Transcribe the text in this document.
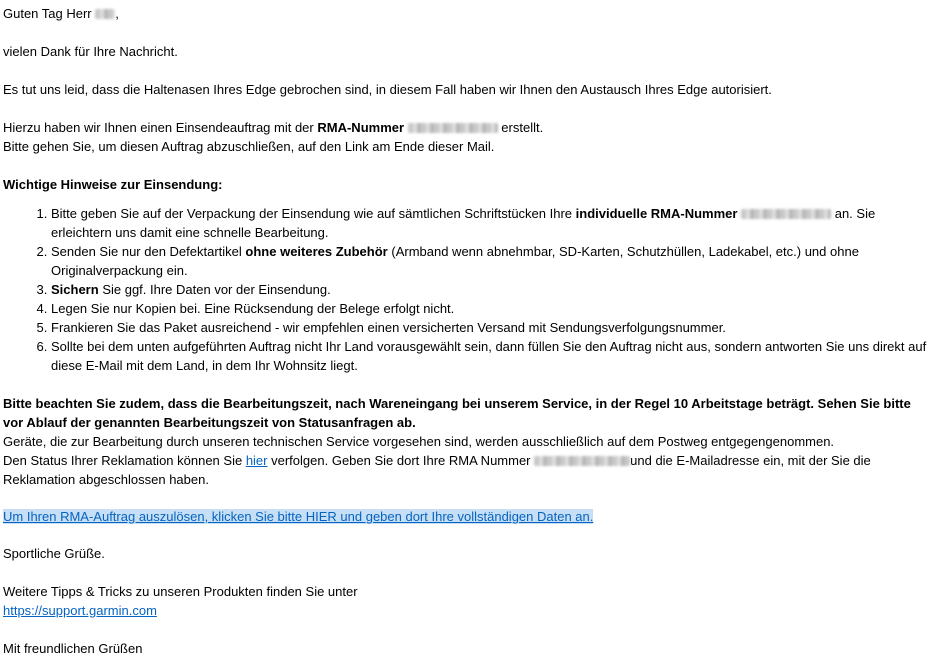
Guten Tag Herr ,

vielen Dank für Ihre Nachricht.

Es tut uns leid, dass die Haltenasen Ihres Edge gebrochen sind, in diesem Fall haben wir Ihnen den Austausch Ihres Edge autorisiert.

Hierzu haben wir Ihnen einen Einsendeauftrag mit der RMA-Nummer	erstellt.

Bitte gehen Sie, um diesen Auftrag abzuschließen, auf den Link am Ende dieser Mail.

Wichtige Hinweise zur Einsendung:

1. Bitte geben Sie auf der Verpackung der Einsendung wie auf sämtlichen Schriftstücken Ihre individuelle RMA-Nummer	an. Sie erleichtern uns damit eine schnelle Bearbeitung.
2. Senden Sie nur den Defektartikel ohne weiteres Zubehör (Armband wenn abnehmbar, SD-Karten, Schutzhüllen, Ladekabel, etc.) und ohne Originalverpackung ein.
3. Sichern Sie ggf. Ihre Daten vor der Einsendung.
4. Legen Sie nur Kopien bei. Eine Rücksendung der Belege erfolgt nicht.
5. Frankieren Sie das Paket ausreichend - wir empfehlen einen versicherten Versand mit Sendungsverfolgungsnummer.
6. Sollte bei dem unten aufgeführten Auftrag nicht Ihr Land vorausgewählt sein, dann füllen Sie den Auftrag nicht aus, sondern antworten Sie uns direkt auf diese E-Mail mit dem Land, in dem Ihr Wohnsitz liegt.

Bitte beachten Sie zudem, dass die Bearbeitungszeit, nach Wareneingang bei unserem Service, in der Regel 10 Arbeitstage beträgt. Sehen Sie bitte vor Ablauf der genannten Bearbeitungszeit von Statusanfragen ab.

Geräte, die zur Bearbeitung durch unseren technischen Service vorgesehen sind, werden ausschließlich auf dem Postweg entgegengenommen.

Den Status Ihrer Reklamation können Sie hier verfolgen. Geben Sie dort Ihre RMA Nummer	und die E-Mailadresse ein, mit der Sie die Reklamation abgeschlossen haben.

Um Ihren RMA-Auftrag auszulösen, klicken Sie bitte HIER und geben dort Ihre vollständigen Daten an.

Sportliche Grüße.

Weitere Tipps & Tricks zu unseren Produkten finden Sie unter

https://support.garmin.com

Mit freundlichen Grüßen
